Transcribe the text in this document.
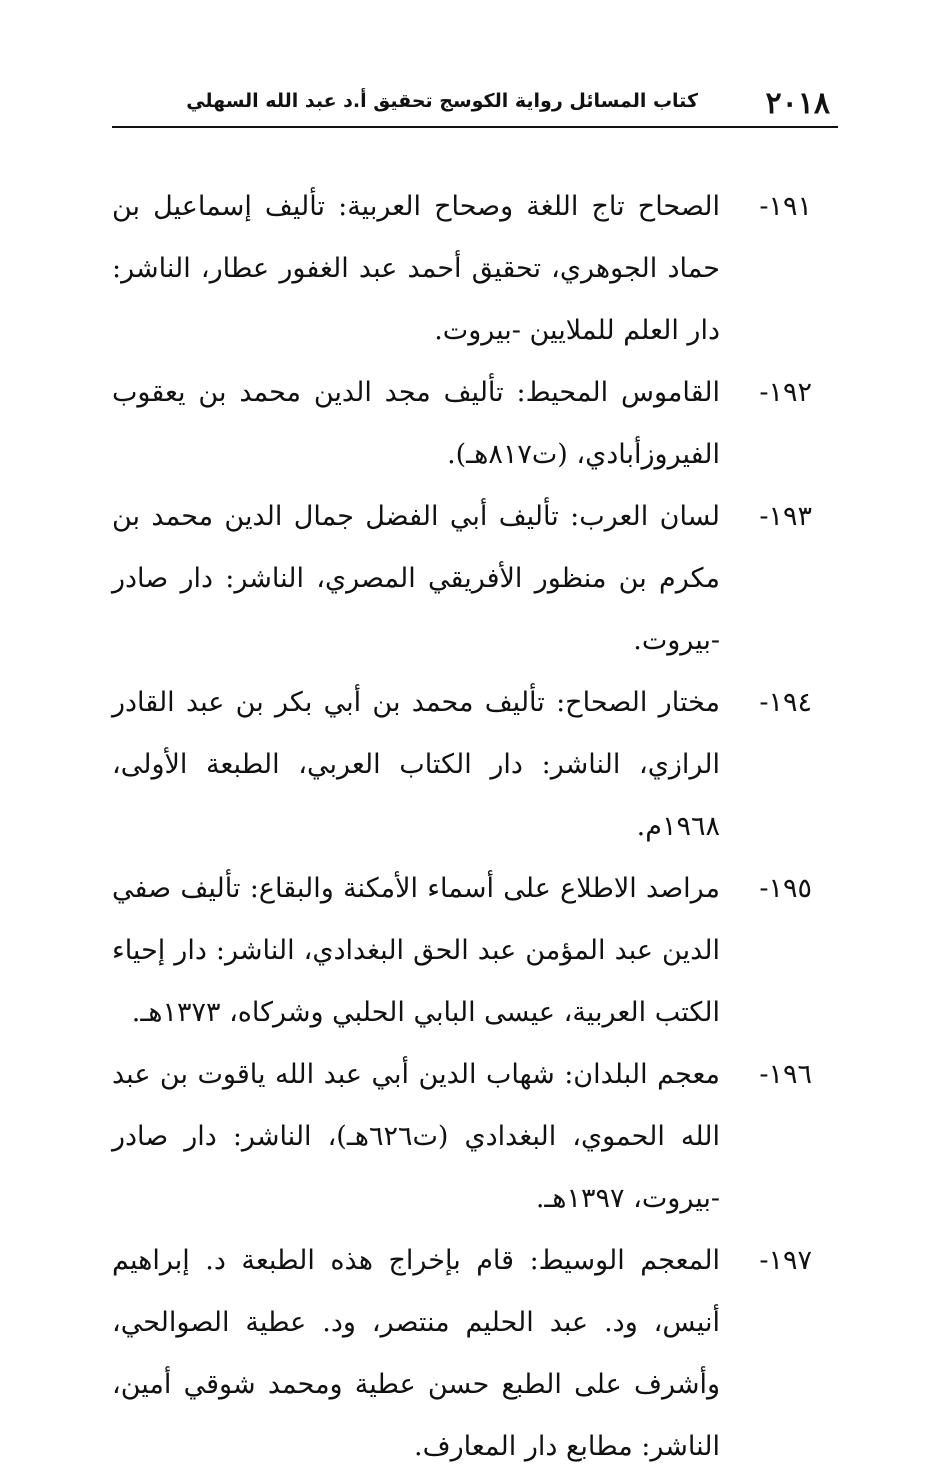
٢٠١٨
كتاب المسائل رواية الكوسج تحقيق أ.د عبد الله السهلي
١٩١-
الصحاح تاج اللغة وصحاح العربية: تأليف إسماعيل بن حماد الجوهري، تحقيق أحمد عبد الغفور عطار، الناشر: دار العلم للملايين -بيروت.
١٩٢-
القاموس المحيط: تأليف مجد الدين محمد بن يعقوب الفيروزأبادي، (ت٨١٧هـ).
١٩٣-
لسان العرب: تأليف أبي الفضل جمال الدين محمد بن مكرم بن منظور الأفريقي المصري، الناشر: دار صادر -بيروت.
١٩٤-
مختار الصحاح: تأليف محمد بن أبي بكر بن عبد القادر الرازي، الناشر: دار الكتاب العربي، الطبعة الأولى، ١٩٦٨م.
١٩٥-
مراصد الاطلاع على أسماء الأمكنة والبقاع: تأليف صفي الدين عبد المؤمن عبد الحق البغدادي، الناشر: دار إحياء الكتب العربية، عيسى البابي الحلبي وشركاه، ١٣٧٣هـ.
١٩٦-
معجم البلدان: شهاب الدين أبي عبد الله ياقوت بن عبد الله الحموي، البغدادي (ت٦٢٦هـ)، الناشر: دار صادر -بيروت، ١٣٩٧هـ.
١٩٧-
المعجم الوسيط: قام بإخراج هذه الطبعة د. إبراهيم أنيس، ود. عبد الحليم منتصر، ود. عطية الصوالحي، وأشرف على الطبع حسن عطية ومحمد شوقي أمين، الناشر: مطابع دار المعارف.
